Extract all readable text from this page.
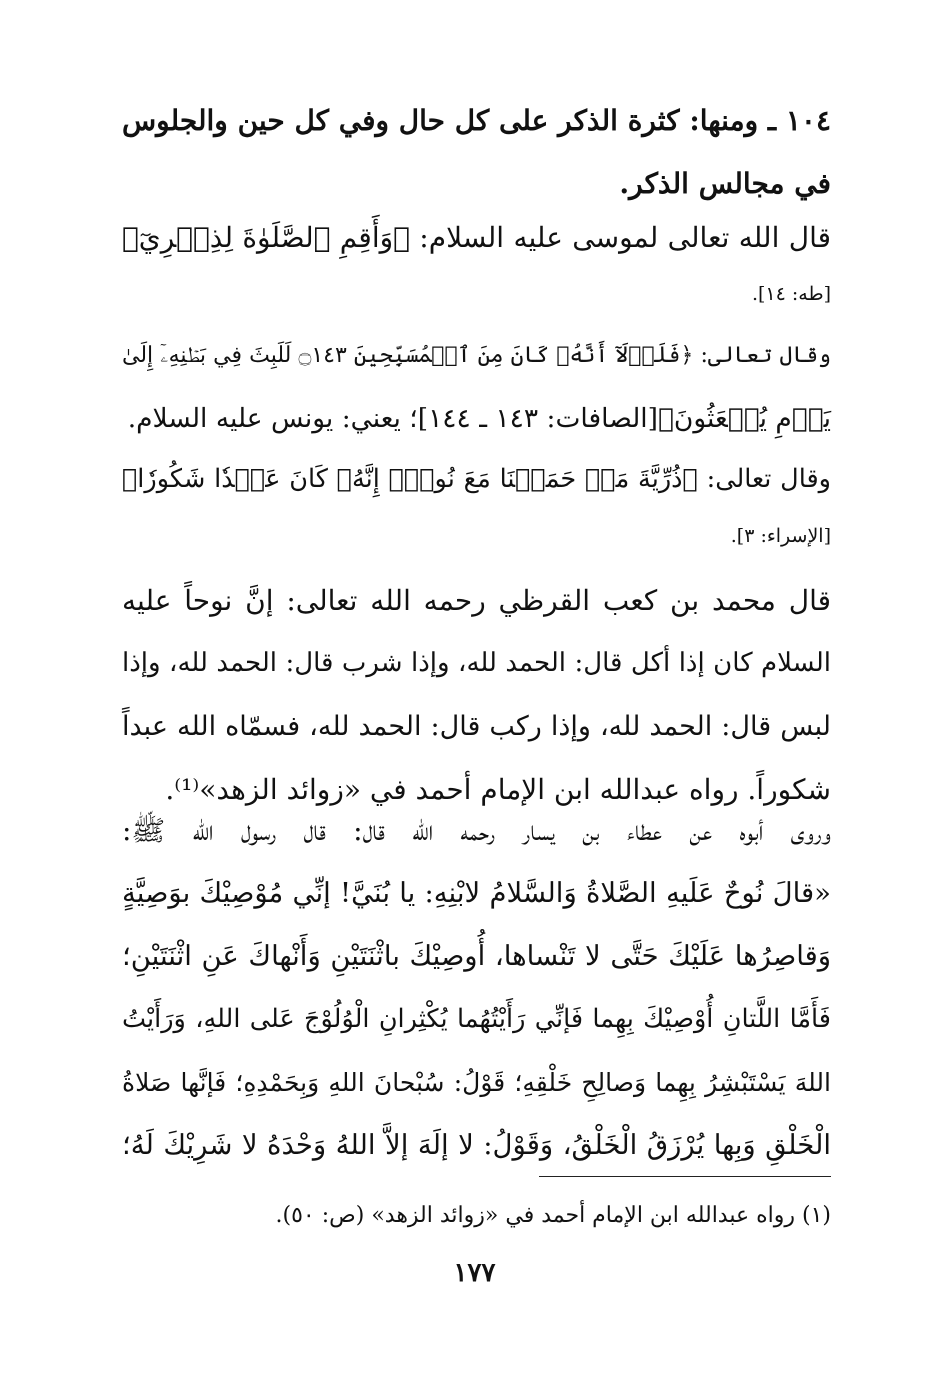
١٠٤ ـ ومنها: كثرة الذكر على كل حال وفي كل حين والجلوس
في مجالس الذكر.
قال الله تعالى لموسى عليه السلام: ﴿وَأَقِمِ ٱلصَّلَوٰةَ لِذِكۡرِيٓ﴾
[طه: ١٤].
وقال تعالى: ﴿فَلَوۡلَآ أَنَّهُۥ كَانَ مِنَ ٱلۡمُسَبِّحِينَ ۝١٤٣ لَلَبِثَ فِي بَطۡنِهِۦٓ إِلَىٰ
يَوۡمِ يُبۡعَثُونَ﴾[الصافات: ١٤٣ ـ ١٤٤]؛ يعني: يونس عليه السلام.
وقال تعالى: ﴿ذُرِّيَّةَ مَنۡ حَمَلۡنَا مَعَ نُوحٍۚ إِنَّهُۥ كَانَ عَبۡدٗا شَكُورٗا﴾
[الإسراء: ٣].
قال محمد بن كعب القرظي رحمه الله تعالى: إنَّ نوحاً عليه
السلام كان إذا أكل قال: الحمد لله، وإذا شرب قال: الحمد لله، وإذا
لبس قال: الحمد لله، وإذا ركب قال: الحمد لله، فسمّاه الله عبداً
شكوراً. رواه عبدالله ابن الإمام أحمد في «زوائد الزهد»⁽¹⁾.
وروى أبوه عن عطاء بن يسار رحمه الله قال: قال رسول الله ﷺ:
«قالَ نُوحٌ عَلَيهِ الصَّلاةُ وَالسَّلامُ لابْنِهِ: يا بُنَيَّ! إنِّي مُوْصِيْكَ بوَصِيَّةٍ
وَقاصِرُها عَلَيْكَ حَتَّى لا تَنْساها، أُوصِيْكَ باثْنَتَيْنِ وَأَنْهاكَ عَنِ اثْنَتَيْنِ؛
فَأَمَّا اللَّتانِ أُوْصِيْكَ بِهِما فَإنِّي رَأَيْتُهُما يُكْثِرانِ الْوُلُوْجَ عَلى اللهِ، وَرَأَيْتُ
اللهَ يَسْتَبْشِرُ بِهِما وَصالِحِ خَلْقِهِ؛ قَوْلُ: سُبْحانَ اللهِ وَبِحَمْدِهِ؛ فَإنَّها صَلاةُ
الْخَلْقِ وَبِها يُرْزَقُ الْخَلْقُ، وَقَوْلُ: لا إلَهَ إلاَّ اللهُ وَحْدَهُ لا شَرِيْكَ لَهُ؛
(١) رواه عبدالله ابن الإمام أحمد في «زوائد الزهد» (ص: ٥٠).
١٧٧
